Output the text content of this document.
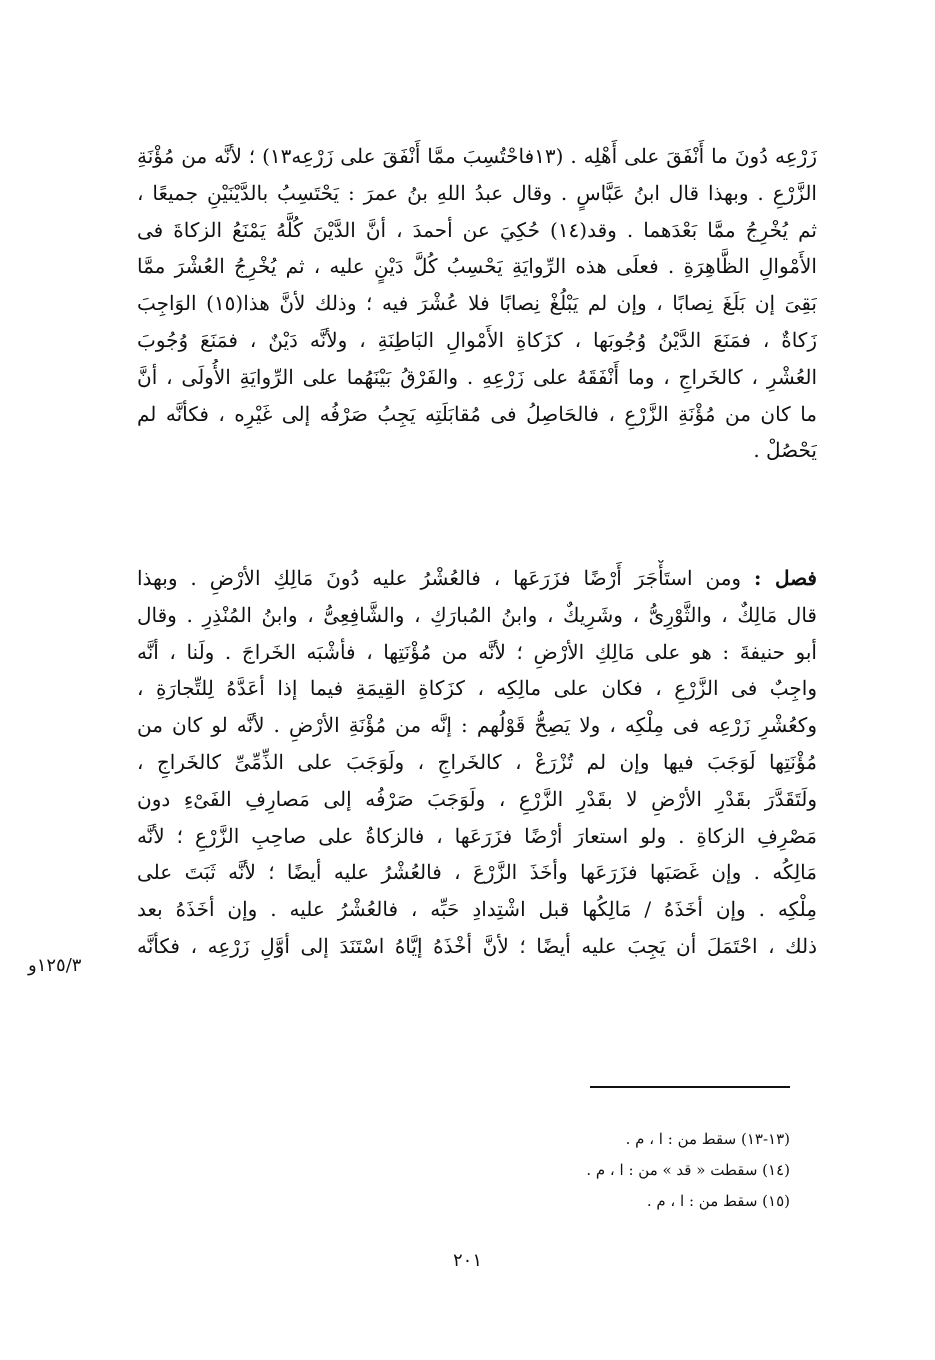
زَرْعِه دُونَ ما أَنْفَقَ على أَهْلِه . (١٣فاحْتُسِبَ ممَّا أَنْفَقَ على زَرْعِه١٣) ؛ لأنَّه من مُؤْنَةِ
الزَّرْعِ . وبهذا قال ابنُ عَبَّاسٍ . وقال عبدُ اللهِ بنُ عمرَ : يَحْتَسِبُ بالدَّيْنَيْنِ جميعًا ،
ثم يُخْرِجُ ممَّا بَعْدَهما . وقد(١٤) حُكِيَ عن أحمدَ ، أنَّ الدَّيْنَ كُلَّهُ يَمْنَعُ الزكاةَ فى
الأَمْوالِ الظَّاهِرَةِ . فعلَى هذه الرِّوايَةِ يَحْسِبُ كُلَّ دَيْنٍ عليه ، ثم يُخْرِجُ العُشْرَ ممَّا
بَقِىَ إن بَلَغَ نِصابًا ، وإن لم يَبْلُغْ نِصابًا فلا عُشْرَ فيه ؛ وذلك لأنَّ هذا(١٥) الوَاجِبَ
زَكاةٌ ، فمَنَعَ الدَّيْنُ وُجُوبَها ، كزَكاةِ الأَمْوالِ البَاطِنَةِ ، ولأنَّه دَيْنٌ ، فمَنَعَ وُجُوبَ
العُشْرِ ، كالخَراجِ ، وما أَنْفَقَهُ على زَرْعِهِ . والفَرْقُ بَيْنَهُما على الرِّوايَةِ الأُولَى ، أنَّ
ما كان من مُؤْنَةِ الزَّرْعِ ، فالحَاصِلُ فى مُقابَلَتِه يَجِبُ صَرْفُه إلى غَيْرِه ، فكأنَّه لم
يَحْصُلْ .
فصل : ومن استَأْجَرَ أَرْضًا فزَرَعَها ، فالعُشْرُ عليه دُونَ مَالِكِ الأرْضِ . وبهذا
قال مَالِكٌ ، والثَّوْرِىُّ ، وشَرِيكٌ ، وابنُ المُبارَكِ ، والشَّافِعِىُّ ، وابنُ المُنْذِرِ . وقال
أبو حنيفةَ : هو على مَالِكِ الأرْضِ ؛ لأنَّه من مُؤْنَتِها ، فأشْبَه الخَراجَ . ولَنا ، أنَّه
واجِبٌ فى الزَّرْعِ ، فكان على مالِكِه ، كزَكاةِ القِيمَةِ فيما إذا أعَدَّهُ لِلتِّجارَةِ ،
وكعُشْرِ زَرْعِه فى مِلْكِه ، ولا يَصِحُّ قَوْلُهم : إنَّه من مُؤْنَةِ الأرْضِ . لأنَّه لو كان من
مُؤْنَتِها لَوَجَبَ فيها وإن لم تُزْرَعْ ، كالخَراجِ ، ولَوَجَبَ على الذِّمِّىِّ كالخَراجِ ،
ولَتَقَدَّرَ بقَدْرِ الأرْضِ لا بقَدْرِ الزَّرْعِ ، ولَوَجَبَ صَرْفُه إلى مَصارِفِ الفَىْءِ دون
مَصْرِفِ الزكاةِ . ولو استعارَ أرْضًا فزَرَعَها ، فالزكاةُ على صاحِبِ الزَّرْعِ ؛ لأنَّه
مَالِكُه . وإن غَصَبَها فزَرَعَها وأخَذَ الزَّرْعَ ، فالعُشْرُ عليه أيضًا ؛ لأنَّه ثَبَتَ على
مِلْكِه . وإن أخَذَهُ / مَالِكُها قبل اشْتِدادِ حَبِّه ، فالعُشْرُ عليه . وإن أخَذَهُ بعد
ذلك ، احْتَمَلَ أن يَجِبَ عليه أيضًا ؛ لأنَّ أخْذَهُ إيَّاهُ اسْتَنَدَ إلى أوَّلِ زَرْعِه ، فكأنَّه
١٢٥/٣و
(١٣-١٣) سقط من : ا ، م .
(١٤) سقطت « قد » من : ا ، م .
(١٥) سقط من : ا ، م .
٢٠١
